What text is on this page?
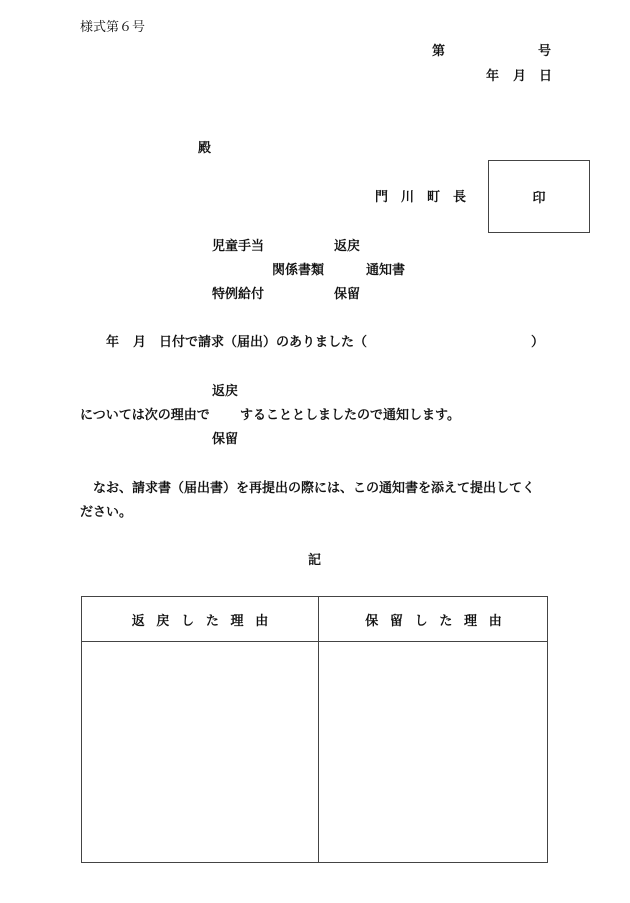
様式第６号
第	号
年 月 日
殿
門　川　町　長	印
児童手当
特例給付
関係書類
返戻
保留
通知書
年 月 日付で請求（届出）のありました（	）
返戻
保留
については次の理由で することとしましたので通知します。
なお、請求書（届出書）を再提出の際には、この通知書を添えて提出してく
ださい。
記
返戻した理由	保留した理由
